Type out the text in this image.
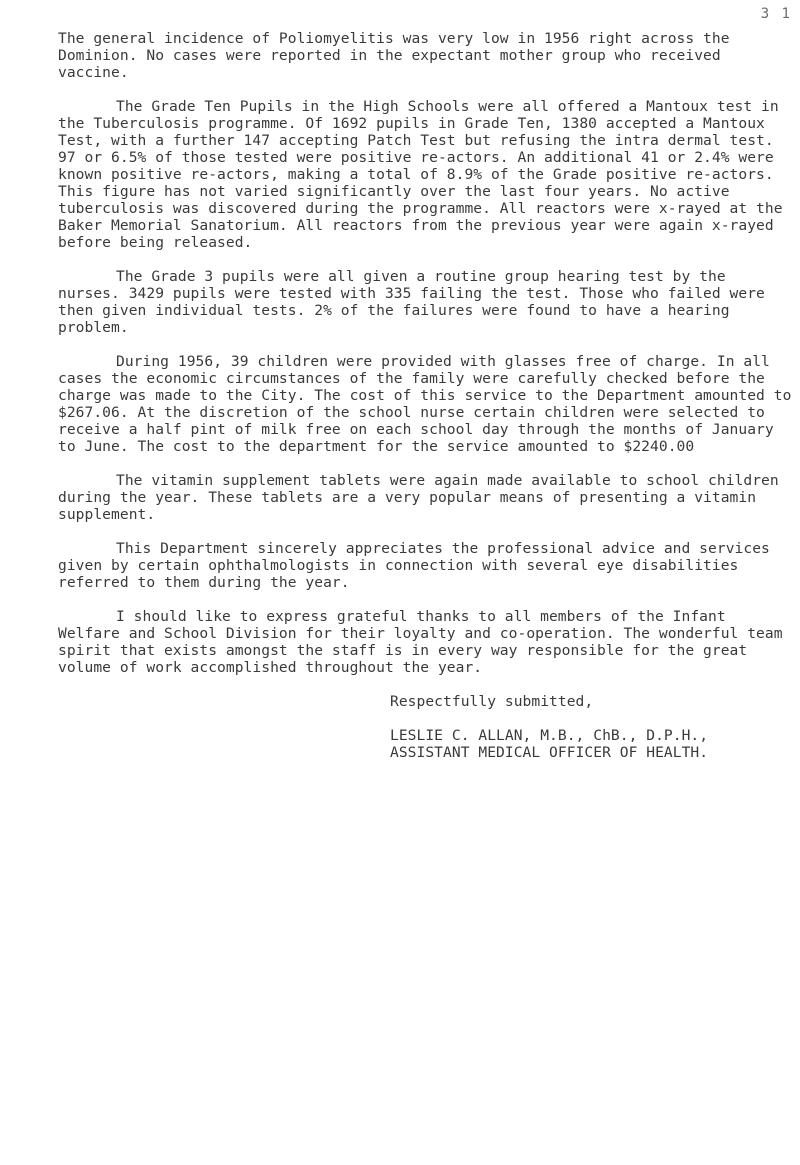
3 1

The general incidence of Poliomyelitis was very low in 1956 right across the Dominion. No cases were reported in the expectant mother group who received vaccine.

The Grade Ten Pupils in the High Schools were all offered a Mantoux test in the Tuberculosis programme. Of 1692 pupils in Grade Ten, 1380 accepted a Mantoux Test, with a further 147 accepting Patch Test but refusing the intra dermal test. 97 or 6.5% of those tested were positive re-actors. An additional 41 or 2.4% were known positive re-actors, making a total of 8.9% of the Grade positive re-actors. This figure has not varied significantly over the last four years. No active tuberculosis was discovered during the programme. All reactors were x-rayed at the Baker Memorial Sanatorium. All reactors from the previous year were again x-rayed before being released.

The Grade 3 pupils were all given a routine group hearing test by the nurses. 3429 pupils were tested with 335 failing the test. Those who failed were then given individual tests. 2% of the failures were found to have a hearing problem.

During 1956, 39 children were provided with glasses free of charge. In all cases the economic circumstances of the family were carefully checked before the charge was made to the City. The cost of this service to the Department amounted to $267.06. At the discretion of the school nurse certain children were selected to receive a half pint of milk free on each school day through the months of January to June. The cost to the department for the service amounted to $2240.00

The vitamin supplement tablets were again made available to school children during the year. These tablets are a very popular means of presenting a vitamin supplement.

This Department sincerely appreciates the professional advice and services given by certain ophthalmologists in connection with several eye disabilities referred to them during the year.

I should like to express grateful thanks to all members of the Infant Welfare and School Division for their loyalty and co-operation. The wonderful team spirit that exists amongst the staff is in every way responsible for the great volume of work accomplished throughout the year.

Respectfully submitted,
LESLIE C. ALLAN, M.B., ChB., D.P.H.,
ASSISTANT MEDICAL OFFICER OF HEALTH.
